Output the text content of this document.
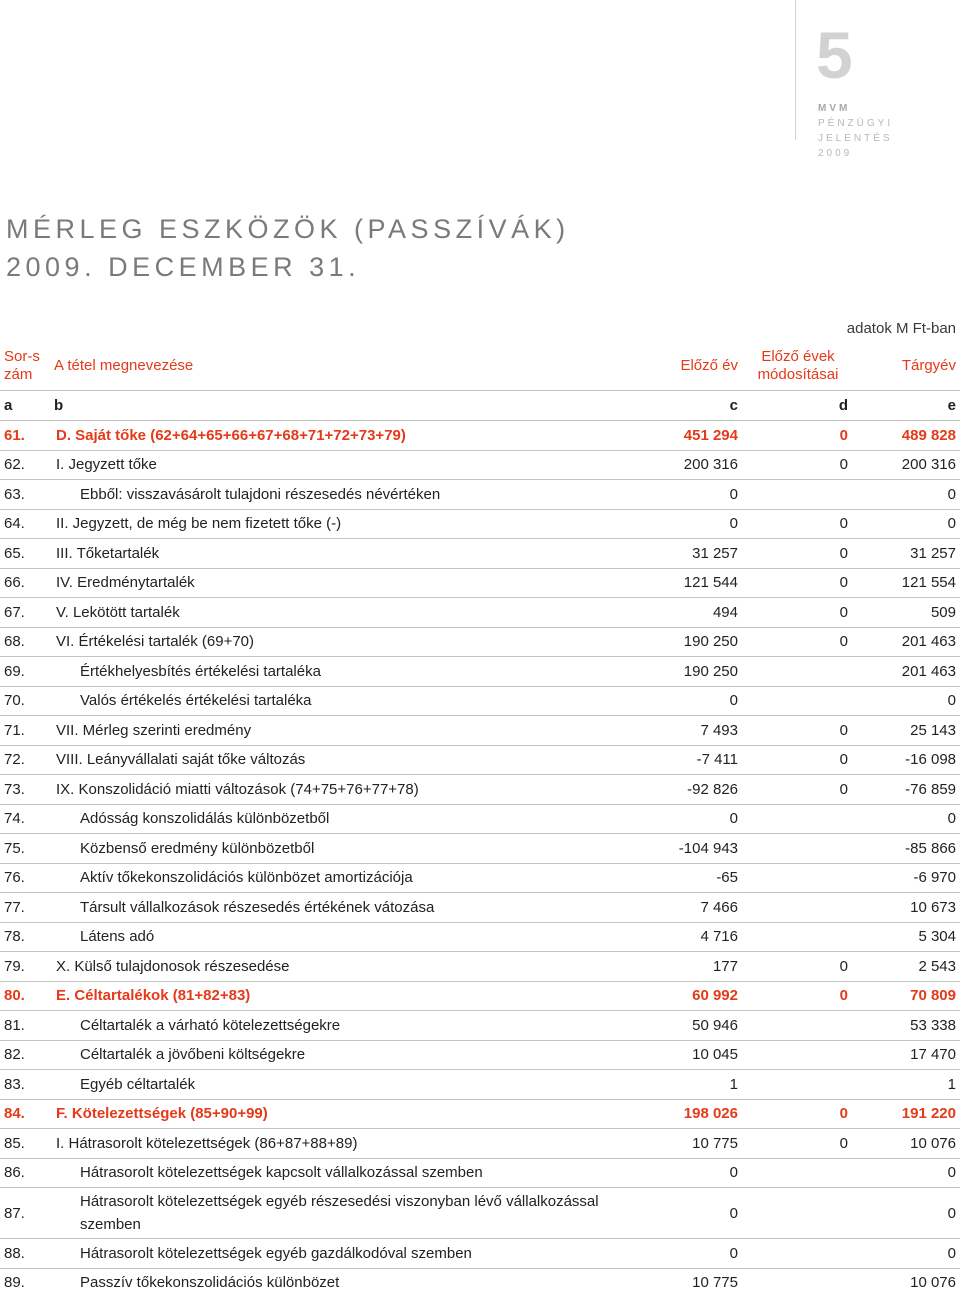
5
MVM
PÉNZÜGYI JELENTÉS
2009
MÉRLEG ESZKÖZÖK (PASSZÍVÁK)
2009. DECEMBER 31.
adatok M Ft-ban
Sor-szám	A tétel megnevezése	Előző év	Előző évek módosításai	Tárgyév
a	b	c	d	e
61.	D. Saját tőke (62+64+65+66+67+68+71+72+73+79)	451 294	0	489 828
62.	I. Jegyzett tőke	200 316	0	200 316
63.	Ebből: visszavásárolt tulajdoni részesedés névértéken	0		0
64.	II. Jegyzett, de még be nem fizetett tőke (-)	0	0	0
65.	III. Tőketartalék	31 257	0	31 257
66.	IV. Eredménytartalék	121 544	0	121 554
67.	V. Lekötött tartalék	494	0	509
68.	VI. Értékelési tartalék (69+70)	190 250	0	201 463
69.	Értékhelyesbítés értékelési tartaléka	190 250		201 463
70.	Valós értékelés értékelési tartaléka	0		0
71.	VII. Mérleg szerinti eredmény	7 493	0	25 143
72.	VIII. Leányvállalati saját tőke változás	-7 411	0	-16 098
73.	IX. Konszolidáció miatti változások (74+75+76+77+78)	-92 826	0	-76 859
74.	Adósság konszolidálás különbözetből	0		0
75.	Közbenső eredmény különbözetből	-104 943		-85 866
76.	Aktív tőkekonszolidációs különbözet amortizációja	-65		-6 970
77.	Társult vállalkozások részesedés értékének vátozása	7 466		10 673
78.	Látens adó	4 716		5 304
79.	X. Külső tulajdonosok részesedése	177	0	2 543
80.	E. Céltartalékok (81+82+83)	60 992	0	70 809
81.	Céltartalék a várható kötelezettségekre	50 946		53 338
82.	Céltartalék a jövőbeni költségekre	10 045		17 470
83.	Egyéb céltartalék	1		1
84.	F. Kötelezettségek (85+90+99)	198 026	0	191 220
85.	I. Hátrasorolt kötelezettségek (86+87+88+89)	10 775	0	10 076
86.	Hátrasorolt kötelezettségek kapcsolt vállalkozással szemben	0		0
87.	Hátrasorolt kötelezettségek egyéb részesedési viszonyban lévő vállalkozással szemben	0		0
88.	Hátrasorolt kötelezettségek egyéb gazdálkodóval szemben	0		0
89.	Passzív tőkekonszolidációs különbözet	10 775		10 076
